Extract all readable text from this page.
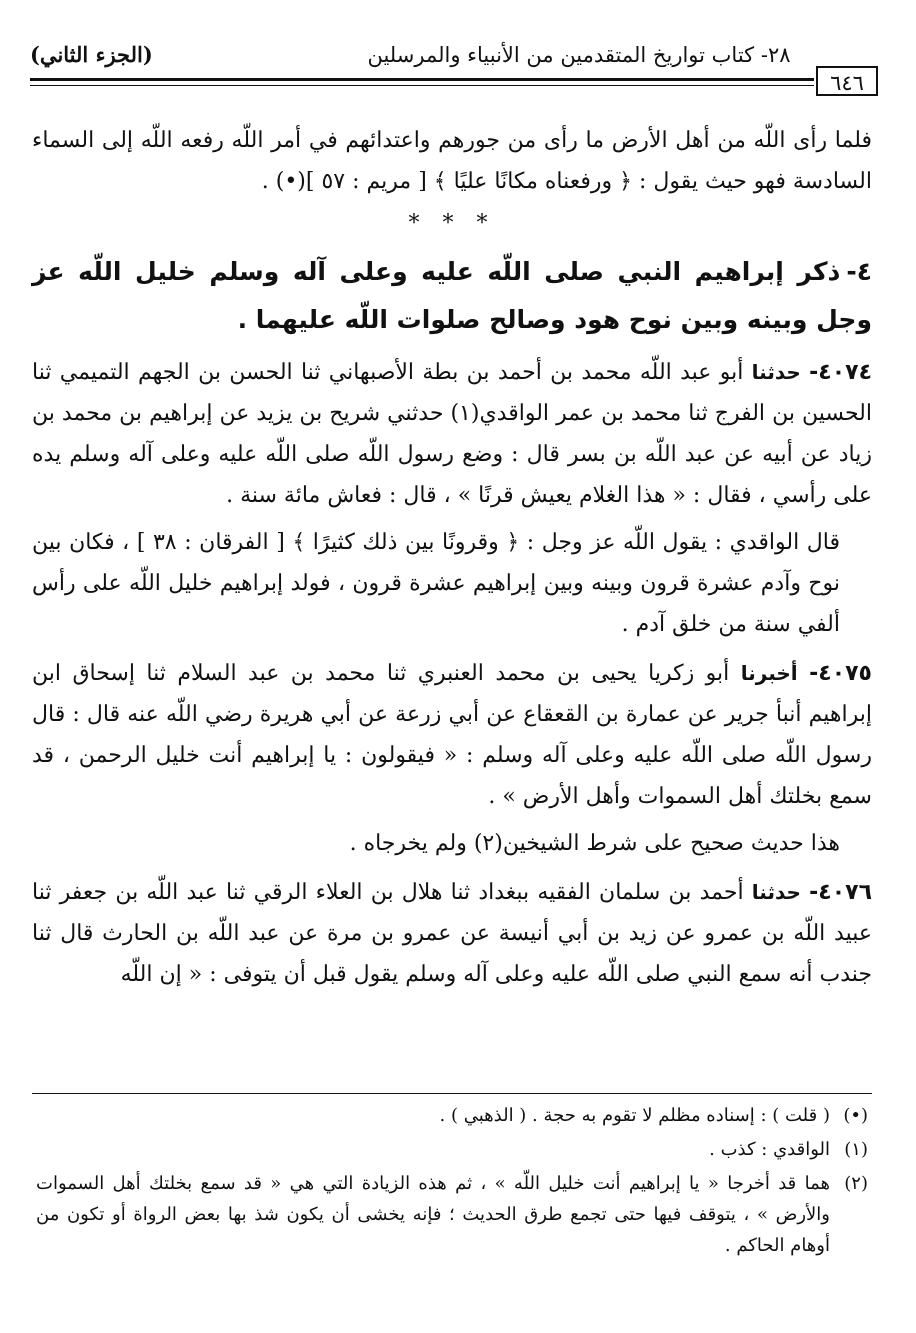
٢٨- كتاب تواريخ المتقدمين من الأنبياء والمرسلين
(الجزء الثاني)
٦٤٦

فلما رأى اللّه من أهل الأرض ما رأى من جورهم واعتدائهم في أمر اللّه رفعه اللّه إلى السماء السادسة فهو حيث يقول : ﴿ ورفعناه مكانًا عليًا ﴾ [ مريم : ٥٧ ](•) .

* * *
٤-ذكر إبراهيم النبي صلى اللّه عليه وعلى آله وسلم خليل اللّه عز وجل وبينه وبين نوح هود وصالح صلوات اللّه عليهما .

٤٠٧٤- حدثنا أبو عبد اللّه محمد بن أحمد بن بطة الأصبهاني ثنا الحسن بن الجهم التميمي ثنا الحسين بن الفرج ثنا محمد بن عمر الواقدي(١) حدثني شريح بن يزيد عن إبراهيم بن محمد بن زياد عن أبيه عن عبد اللّه بن بسر قال : وضع رسول اللّه صلى اللّه عليه وعلى آله وسلم يده على رأسي ، فقال : « هذا الغلام يعيش قرنًا » ، قال : فعاش مائة سنة .

قال الواقدي : يقول اللّه عز وجل : ﴿ وقرونًا بين ذلك كثيرًا ﴾ [ الفرقان : ٣٨ ] ، فكان بين نوح وآدم عشرة قرون وبينه وبين إبراهيم عشرة قرون ، فولد إبراهيم خليل اللّه على رأس ألفي سنة من خلق آدم .

٤٠٧٥- أخبرنا أبو زكريا يحيى بن محمد العنبري ثنا محمد بن عبد السلام ثنا إسحاق ابن إبراهيم أنبأ جرير عن عمارة بن القعقاع عن أبي زرعة عن أبي هريرة رضي اللّه عنه قال : قال رسول اللّه صلى اللّه عليه وعلى آله وسلم : « فيقولون : يا إبراهيم أنت خليل الرحمن ، قد سمع بخلتك أهل السموات وأهل الأرض » .

هذا حديث صحيح على شرط الشيخين(٢) ولم يخرجاه .

٤٠٧٦- حدثنا أحمد بن سلمان الفقيه ببغداد ثنا هلال بن العلاء الرقي ثنا عبد اللّه بن جعفر ثنا عبيد اللّه بن عمرو عن زيد بن أبي أنيسة عن عمرو بن مرة عن عبد اللّه بن الحارث قال ثنا جندب أنه سمع النبي صلى اللّه عليه وعلى آله وسلم يقول قبل أن يتوفى : « إن اللّه

(•)
( قلت ) : إسناده مظلم لا تقوم به حجة . ( الذهبي ) .
(١)
الواقدي : كذب .
(٢)
هما قد أخرجا « يا إبراهيم أنت خليل اللّه » ، ثم هذه الزيادة التي هي « قد سمع بخلتك أهل السموات والأرض » ، يتوقف فيها حتى تجمع طرق الحديث ؛ فإنه يخشى أن يكون شذ بها بعض الرواة أو تكون من أوهام الحاكم .
